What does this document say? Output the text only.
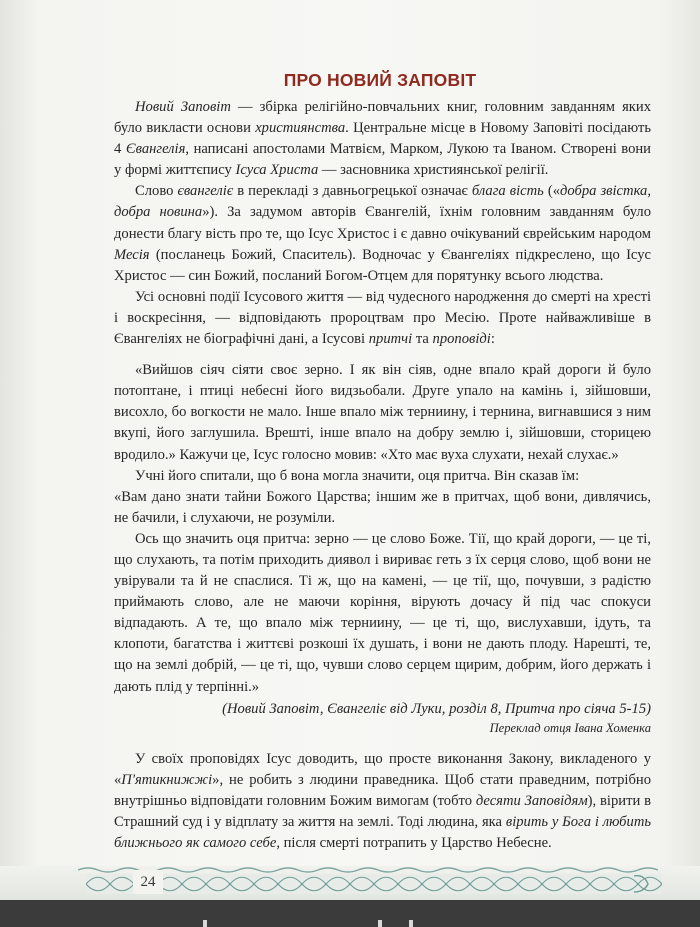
ПРО НОВИЙ ЗАПОВІТ

Новий Заповіт — збірка релігійно-повчальних книг, головним завданням яких було викласти основи християнства. Центральне місце в Новому Заповіті посідають 4 Євангелія, написані апостолами Матвієм, Марком, Лукою та Іваном. Створені вони у формі життєпису Ісуса Христа — засновника християнської релігії.

Слово євангеліє в перекладі з давньогрецької означає блага вість («добра звістка, добра новина»). За задумом авторів Євангелій, їхнім головним завданням було донести благу вість про те, що Ісус Христос і є давно очікуваний єврейським народом Месія (посланець Божий, Спаситель). Водночас у Євангеліях підкреслено, що Ісус Христос — син Божий, посланий Богом-Отцем для порятунку всього людства.

Усі основні події Ісусового життя — від чудесного народження до смерті на хресті і воскресіння, — відповідають пророцтвам про Месію. Проте найважливіше в Євангеліях не біографічні дані, а Ісусові притчі та проповіді:

«Вийшов сіяч сіяти своє зерно. І як він сіяв, одне впало край дороги й було потоптане, і птиці небесні його видзьобали. Друге упало на камінь і, зійшовши, висохло, бо вогкости не мало. Інше впало між терниину, і тернина, вигнавшися з ним вкупі, його заглушила. Врешті, інше впало на добру землю і, зійшовши, сторицею вродило.» Кажучи це, Ісус голосно мовив: «Хто має вуха слухати, нехай слухає.»

Учні його спитали, що б вона могла значити, оця притча. Він сказав їм:

«Вам дано знати тайни Божого Царства; іншим же в притчах, щоб вони, дивлячись, не бачили, і слухаючи, не розуміли.

Ось що значить оця притча: зерно — це слово Боже. Тії, що край дороги, — це ті, що слухають, та потім приходить диявол і вириває геть з їх серця слово, щоб вони не увірували та й не спаслися. Ті ж, що на камені, — це тії, що, почувши, з радістю приймають слово, але не маючи коріння, вірують дочасу й під час спокуси відпадають. А те, що впало між терниину, — це ті, що, вислухавши, ідуть, та клопоти, багатства і життєві розкоші їх душать, і вони не дають плоду. Нарешті, те, що на землі добрій, — це ті, що, чувши слово серцем щирим, добрим, його держать і дають плід у терпінні.»

(Новий Заповіт, Євангеліє від Луки, розділ 8, Притча про сіяча 5-15)
Переклад отця Івана Хоменка

У своїх проповідях Ісус доводить, що просте виконання Закону, викладеного у «П'ятикнижжі», не робить з людини праведника. Щоб стати праведним, потрібно внутрішньо відповідати головним Божим вимогам (тобто десяти Заповідям), вірити в Страшний суд і у відплату за життя на землі. Тоді людина, яка вірить у Бога і любить ближнього як самого себе, після смерті потрапить у Царство Небесне.

24
